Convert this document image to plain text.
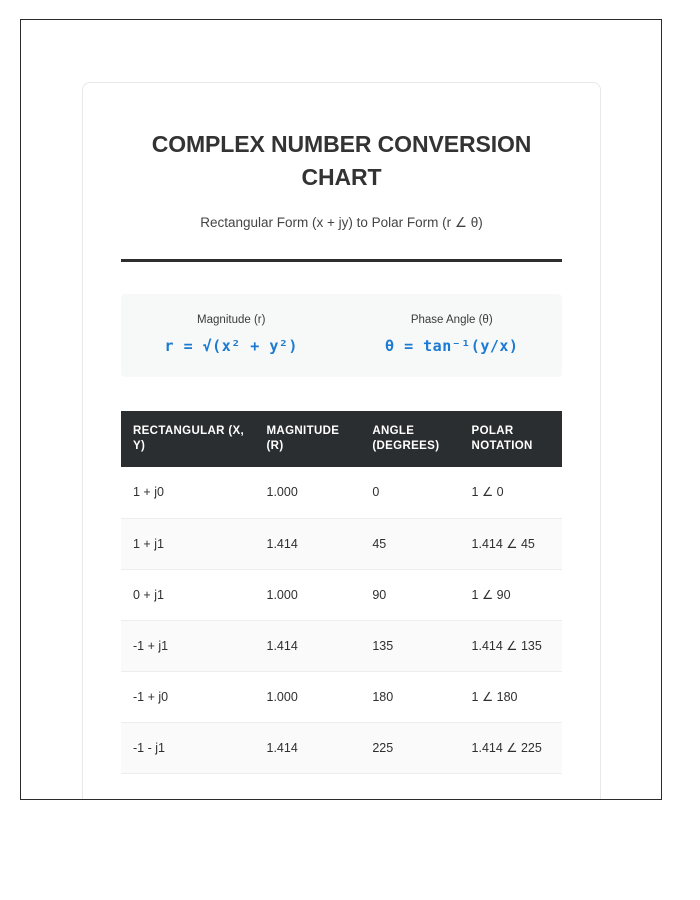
COMPLEX NUMBER CONVERSION CHART

Rectangular Form (x + jy) to Polar Form (r ∠ θ)

Magnitude (r)
r = √(x² + y²)
Phase Angle (θ)
θ = tan⁻¹(y/x)
RECTANGULAR (X, Y)	MAGNITUDE (R)	ANGLE (DEGREES)	POLAR NOTATION
1 + j0	1.000	0	1 ∠ 0
1 + j1	1.414	45	1.414 ∠ 45
0 + j1	1.000	90	1 ∠ 90
-1 + j1	1.414	135	1.414 ∠ 135
-1 + j0	1.000	180	1 ∠ 180
-1 - j1	1.414	225	1.414 ∠ 225
